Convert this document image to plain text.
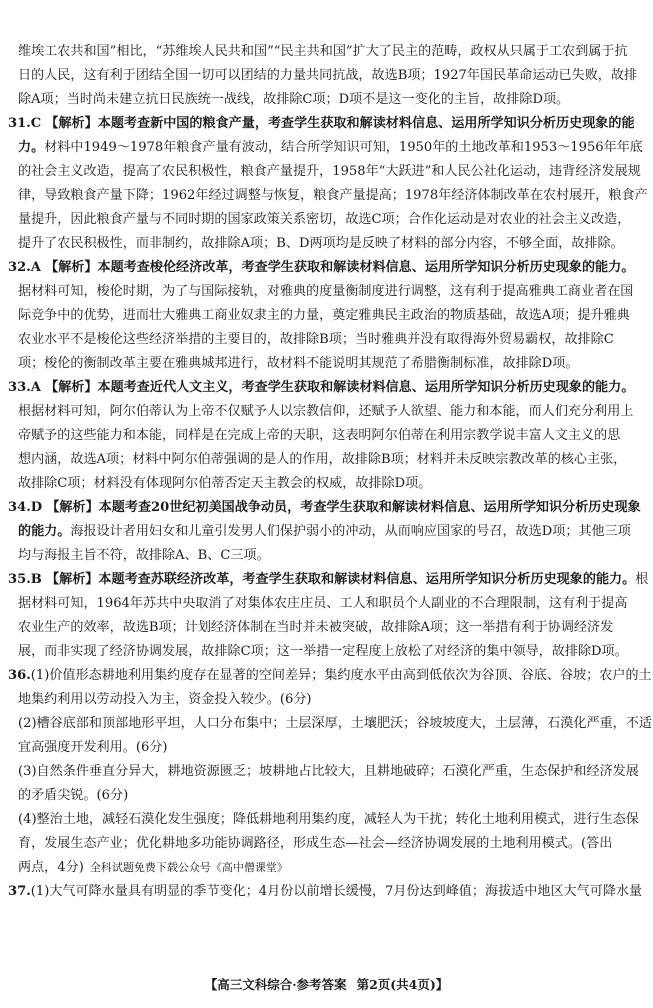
维埃工农共和国”相比，“苏维埃人民共和国”“民主共和国”扩大了民主的范畴，政权从只属于工农到属于抗
日的人民，这有利于团结全国一切可以团结的力量共同抗战，故选B项；1927年国民革命运动已失败，故排
除A项；当时尚未建立抗日民族统一战线，故排除C项；D项不是这一变化的主旨，故排除D项。
31.C 【解析】本题考查新中国的粮食产量，考查学生获取和解读材料信息、运用所学知识分析历史现象的能
力。材料中1949～1978年粮食产量有波动，结合所学知识可知，1950年的土地改革和1953～1956年年底
的社会主义改造，提高了农民积极性，粮食产量提升，1958年“大跃进”和人民公社化运动，违背经济发展规
律，导致粮食产量下降；1962年经过调整与恢复，粮食产量提高；1978年经济体制改革在农村展开，粮食产
量提升，因此粮食产量与不同时期的国家政策关系密切，故选C项；合作化运动是对农业的社会主义改造，
提升了农民积极性，而非制约，故排除A项；B、D两项均是反映了材料的部分内容，不够全面，故排除。
32.A 【解析】本题考查梭伦经济改革，考查学生获取和解读材料信息、运用所学知识分析历史现象的能力。
据材料可知，梭伦时期，为了与国际接轨，对雅典的度量衡制度进行调整，这有利于提高雅典工商业者在国
际竞争中的优势，进而壮大雅典工商业奴隶主的力量，奠定雅典民主政治的物质基础，故选A项；提升雅典
农业水平不是梭伦这些经济举措的主要目的，故排除B项；当时雅典并没有取得海外贸易霸权，故排除C
项；梭伦的衡制改革主要在雅典城邦进行，故材料不能说明其规范了希腊衡制标准，故排除D项。
33.A 【解析】本题考查近代人文主义，考查学生获取和解读材料信息、运用所学知识分析历史现象的能力。
根据材料可知，阿尔伯蒂认为上帝不仅赋予人以宗教信仰，还赋予人欲望、能力和本能，而人们充分利用上
帝赋予的这些能力和本能，同样是在完成上帝的天职，这表明阿尔伯蒂在利用宗教学说丰富人文主义的思
想内涵，故选A项；材料中阿尔伯蒂强调的是人的作用，故排除B项；材料并未反映宗教改革的核心主张，
故排除C项；材料没有体现阿尔伯蒂否定天主教会的权威，故排除D项。
34.D 【解析】本题考查20世纪初美国战争动员，考查学生获取和解读材料信息、运用所学知识分析历史现象
的能力。海报设计者用妇女和儿童引发男人们保护弱小的冲动，从而响应国家的号召，故选D项；其他三项
均与海报主旨不符，故排除A、B、C三项。
35.B 【解析】本题考查苏联经济改革，考查学生获取和解读材料信息、运用所学知识分析历史现象的能力。根
据材料可知，1964年苏共中央取消了对集体农庄庄员、工人和职员个人副业的不合理限制，这有利于提高
农业生产的效率，故选B项；计划经济体制在当时并未被突破，故排除A项；这一举措有利于协调经济发
展，而非实现了经济协调发展，故排除C项；这一举措一定程度上放松了对经济的集中领导，故排除D项。
36.(1)价值形态耕地利用集约度存在显著的空间差异；集约度水平由高到低依次为谷顶、谷底、谷坡；农户的土
地集约利用以劳动投入为主，资金投入较少。(6分)
(2)槽谷底部和顶部地形平坦，人口分布集中；土层深厚，土壤肥沃；谷坡坡度大，土层薄，石漠化严重，不适
宜高强度开发利用。(6分)
(3)自然条件垂直分异大，耕地资源匮乏；坡耕地占比较大，且耕地破碎；石漠化严重，生态保护和经济发展
的矛盾尖锐。(6分)
(4)整治土地，减轻石漠化发生强度；降低耕地利用集约度，减轻人为干扰；转化土地利用模式，进行生态保
育，发展生态产业；优化耕地多功能协调路径，形成生态—社会—经济协调发展的土地利用模式。(答出
两点，4分) 全科试题免费下载公众号《高中僧课堂》
37.(1)大气可降水量具有明显的季节变化；4月份以前增长缓慢，7月份达到峰值；海拔适中地区大气可降水量
【高三文科综合·参考答案 第2页(共4页)】
